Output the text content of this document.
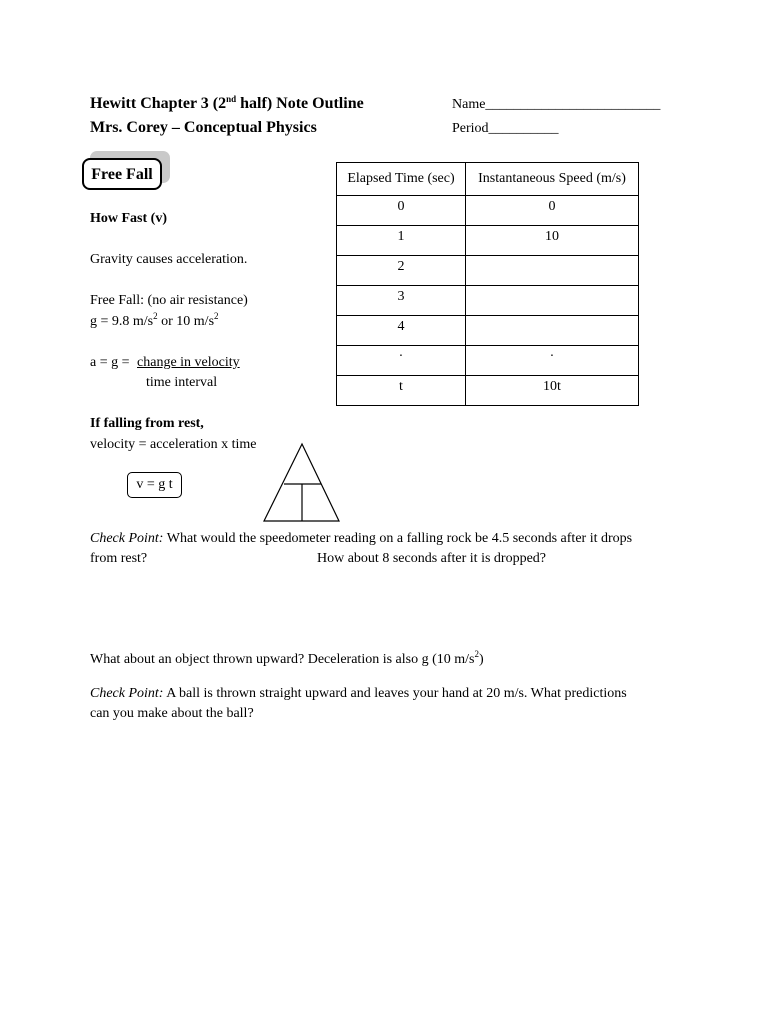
Hewitt Chapter 3 (2nd half) Note Outline
Mrs. Corey – Conceptual Physics
Name_________________________
Period__________
Free Fall
How Fast (v)
Gravity causes acceleration.
Free Fall: (no air resistance)
g = 9.8 $m/s^2$ or 10 $m/s^2$
a = g = change in velocity
time interval
If falling from rest,
velocity = acceleration x time
v = g t
Elapsed Time (sec)	Instantaneous Speed (m/s)
0	0
1	10
2	
3	
4	
·	·
t	10t
Check Point: What would the speedometer reading on a falling rock be 4.5 seconds after it drops
from rest?	How about 8 seconds after it is dropped?
What about an object thrown upward? Deceleration is also g (10 $m/s^2$)
Check Point: A ball is thrown straight upward and leaves your hand at 20 m/s. What predictions
can you make about the ball?
